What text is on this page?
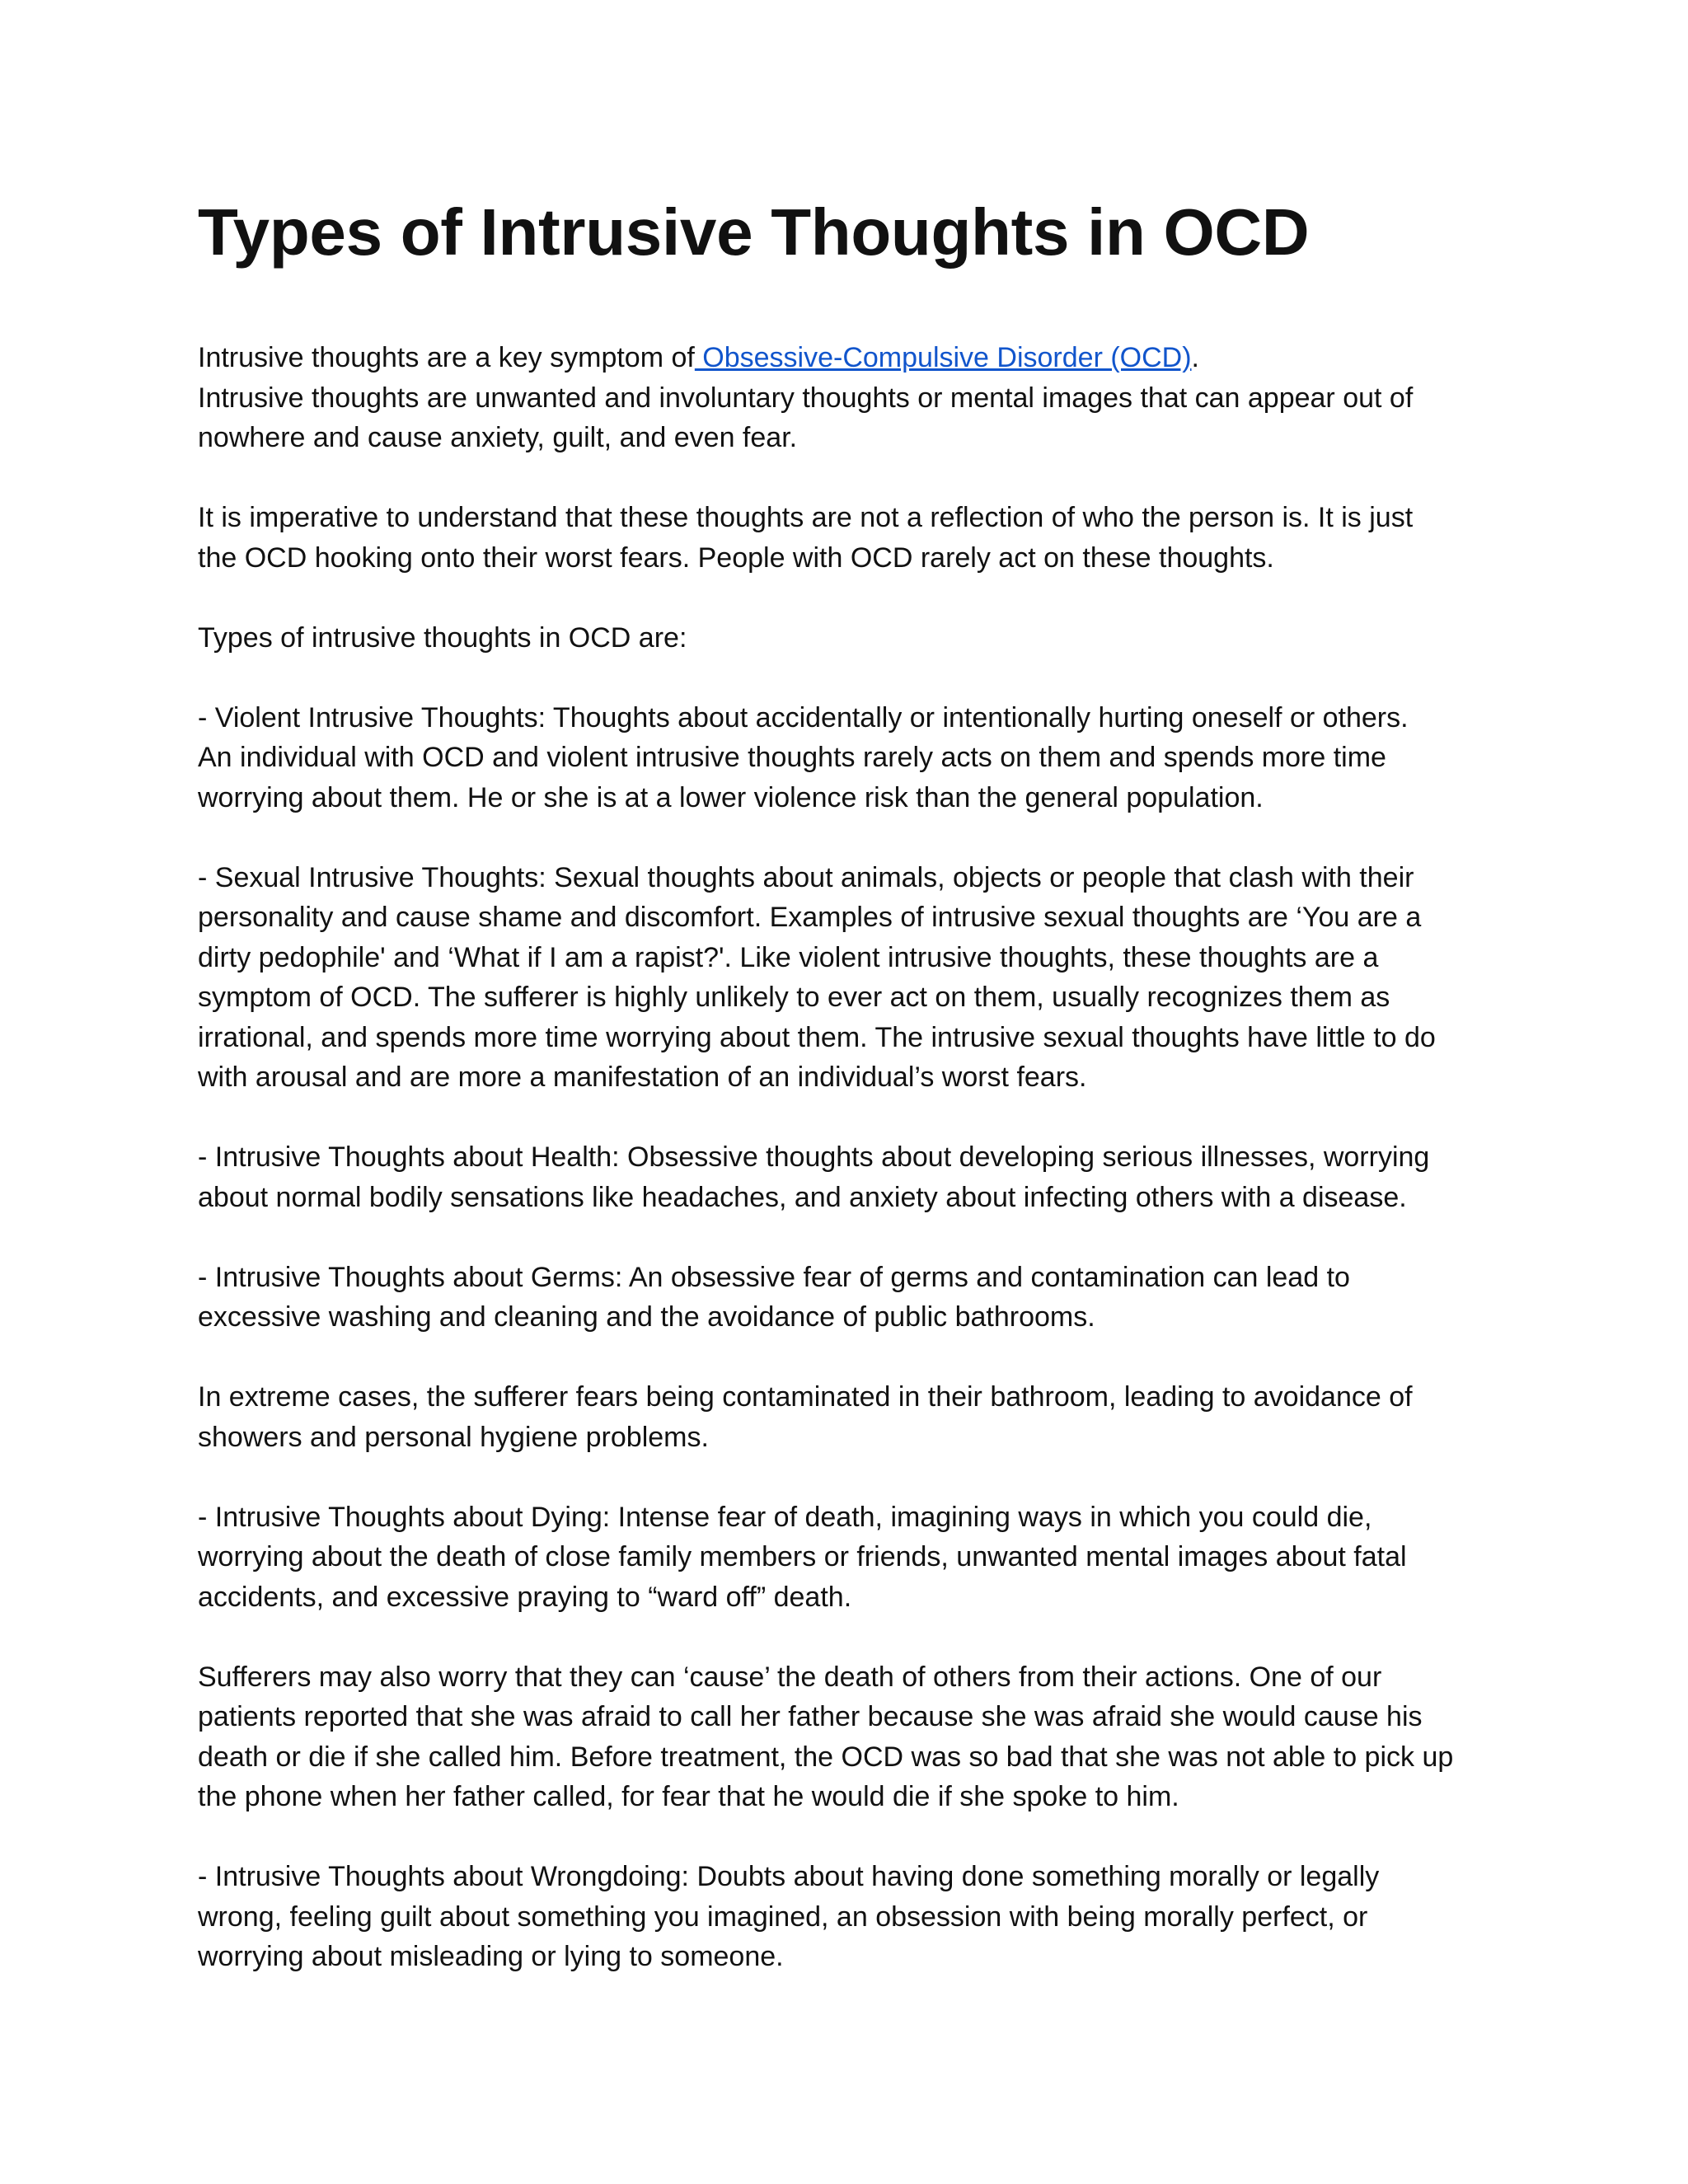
Types of Intrusive Thoughts in OCD

Intrusive thoughts are a key symptom of Obsessive-Compulsive Disorder (OCD).
Intrusive thoughts are unwanted and involuntary thoughts or mental images that can appear out of
nowhere and cause anxiety, guilt, and even fear.

It is imperative to understand that these thoughts are not a reflection of who the person is. It is just
the OCD hooking onto their worst fears. People with OCD rarely act on these thoughts.

Types of intrusive thoughts in OCD are:

- Violent Intrusive Thoughts: Thoughts about accidentally or intentionally hurting oneself or others.
An individual with OCD and violent intrusive thoughts rarely acts on them and spends more time
worrying about them. He or she is at a lower violence risk than the general population.

- Sexual Intrusive Thoughts: Sexual thoughts about animals, objects or people that clash with their
personality and cause shame and discomfort. Examples of intrusive sexual thoughts are ‘You are a
dirty pedophile' and ‘What if I am a rapist?'. Like violent intrusive thoughts, these thoughts are a
symptom of OCD. The sufferer is highly unlikely to ever act on them, usually recognizes them as
irrational, and spends more time worrying about them. The intrusive sexual thoughts have little to do
with arousal and are more a manifestation of an individual’s worst fears.

- Intrusive Thoughts about Health: Obsessive thoughts about developing serious illnesses, worrying
about normal bodily sensations like headaches, and anxiety about infecting others with a disease.

- Intrusive Thoughts about Germs: An obsessive fear of germs and contamination can lead to
excessive washing and cleaning and the avoidance of public bathrooms.

In extreme cases, the sufferer fears being contaminated in their bathroom, leading to avoidance of
showers and personal hygiene problems.

- Intrusive Thoughts about Dying: Intense fear of death, imagining ways in which you could die,
worrying about the death of close family members or friends, unwanted mental images about fatal
accidents, and excessive praying to “ward off” death.

Sufferers may also worry that they can ‘cause’ the death of others from their actions. One of our
patients reported that she was afraid to call her father because she was afraid she would cause his
death or die if she called him. Before treatment, the OCD was so bad that she was not able to pick up
the phone when her father called, for fear that he would die if she spoke to him.

- Intrusive Thoughts about Wrongdoing: Doubts about having done something morally or legally
wrong, feeling guilt about something you imagined, an obsession with being morally perfect, or
worrying about misleading or lying to someone.
